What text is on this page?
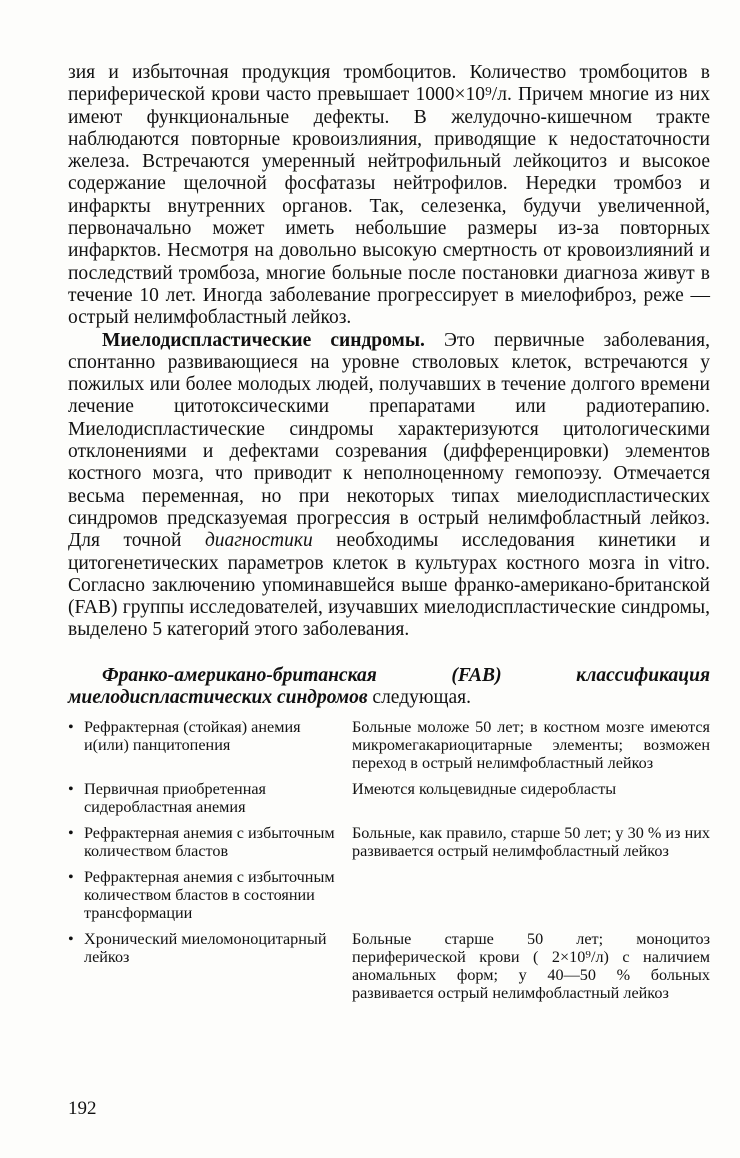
зия и избыточная продукция тромбоцитов. Количество тромбоцитов в периферической крови часто превышает 1000×10⁹/л. Причем многие из них имеют функциональные дефекты. В желудочно-кишечном тракте наблюдаются повторные кровоизлияния, приводящие к недостаточности железа. Встречаются умеренный нейтрофильный лейкоцитоз и высокое содержание щелочной фосфатазы нейтрофилов. Нередки тромбоз и инфаркты внутренних органов. Так, селезенка, будучи увеличенной, первоначально может иметь небольшие размеры из-за повторных инфарктов. Несмотря на довольно высокую смертность от кровоизлияний и последствий тромбоза, многие больные после постановки диагноза живут в течение 10 лет. Иногда заболевание прогрессирует в миелофиброз, реже — острый нелимфобластный лейкоз.

Миелодиспластические синдромы. Это первичные заболевания, спонтанно развивающиеся на уровне стволовых клеток, встречаются у пожилых или более молодых людей, получавших в течение долгого времени лечение цитотоксическими препаратами или радиотерапию. Миелодиспластические синдромы характеризуются цитологическими отклонениями и дефектами созревания (дифференцировки) элементов костного мозга, что приводит к неполноценному гемопоэзу. Отмечается весьма переменная, но при некоторых типах миелодиспластических синдромов предсказуемая прогрессия в острый нелимфобластный лейкоз. Для точной диагностики необходимы исследования кинетики и цитогенетических параметров клеток в культурах костного мозга in vitro. Согласно заключению упоминавшейся выше франко-американо-британской (FAB) группы исследователей, изучавших миелодиспластические синдромы, выделено 5 категорий этого заболевания.

Франко-американо-британская (FAB) классификация миелодиспластических синдромов следующая.

• Рефрактерная (стойкая) анемия и(или) панцитопения
Больные моложе 50 лет; в костном мозге имеются микромегакариоцитарные элементы; возможен переход в острый нелимфобластный лейкоз
• Первичная приобретенная сидеробластная анемия
Имеются кольцевидные сидеробласты
• Рефрактерная анемия с избыточным количеством бластов
Больные, как правило, старше 50 лет; у 30 % из них развивается острый нелимфобластный лейкоз
• Рефрактерная анемия с избыточным количеством бластов в состоянии трансформации
• Хронический миеломоноцитарный лейкоз
Больные старше 50 лет; моноцитоз периферической крови ( 2×10⁹/л) с наличием аномальных форм; у 40—50 % больных развивается острый нелимфобластный лейкоз
192
